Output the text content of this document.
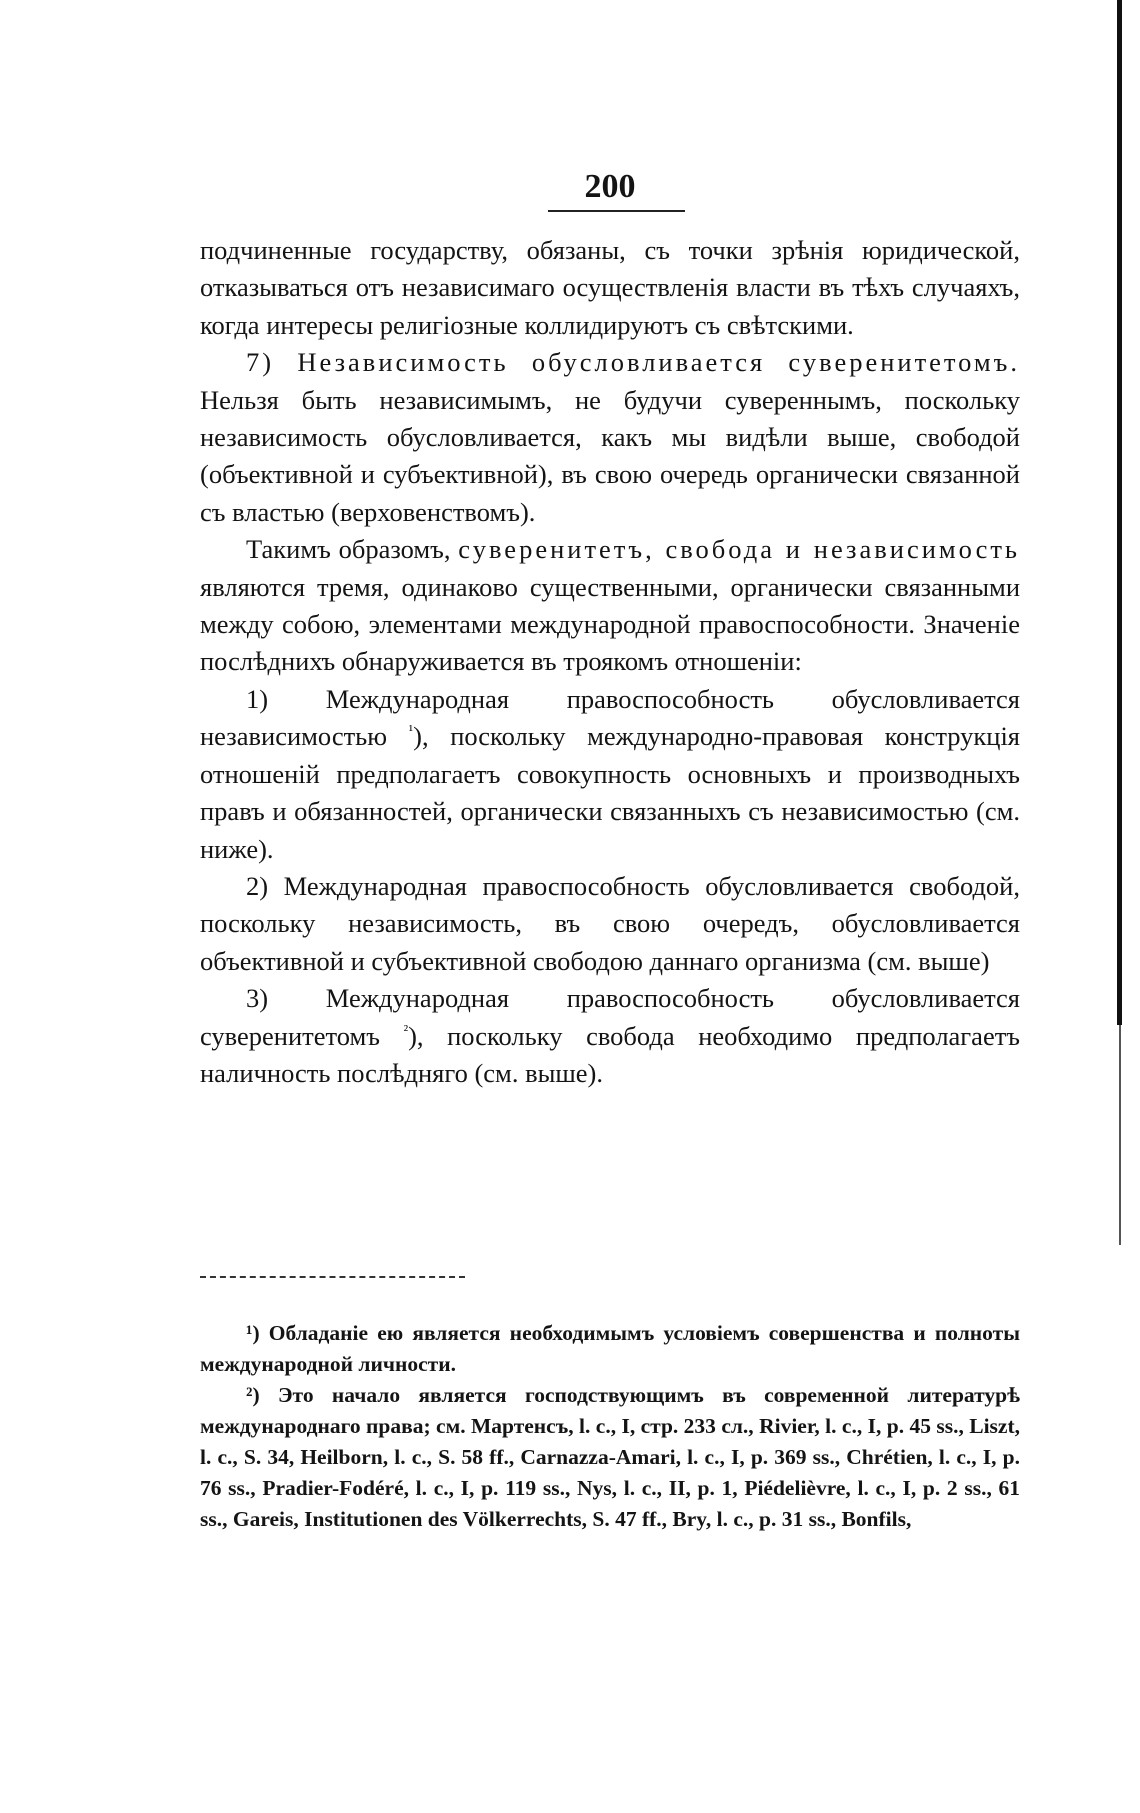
200

подчиненные государству, обязаны, съ точки зрѣнія юридической, отказываться отъ независимаго осуществленія власти въ тѣхъ случаяхъ, когда интересы религіозные коллидируютъ съ свѣтскими.

7) Независимость обусловливается суверенитетомъ. Нельзя быть независимымъ, не будучи сувереннымъ, поскольку независимость обусловливается, какъ мы видѣли выше, свободой (объективной и субъективной), въ свою очередь органически связанной съ властью (верховенствомъ).

Такимъ образомъ, суверенитетъ, свобода и независимость являются тремя, одинаково существенными, органически связанными между собою, элементами международной правоспособности. Значеніе послѣднихъ обнаруживается въ троякомъ отношеніи:

1) Международная правоспособность обусловливается независимостью $^{^1}$), поскольку международно-правовая конструкція отношеній предполагаетъ совокупность основныхъ и производныхъ правъ и обязанностей, органически связанныхъ съ независимостью (см. ниже).

2) Международная правоспособность обусловливается свободой, поскольку независимость, въ свою очередъ, обусловливается объективной и субъективной свободою даннаго организма (см. выше)

3) Международная правоспособность обусловливается суверенитетомъ $^{^2}$), поскольку свобода необходимо предполагаетъ наличность послѣдняго (см. выше).

¹) Обладаніе ею является необходимымъ условіемъ совершенства и полноты международной личности.

²) Это начало является господствующимъ въ современной литературѣ международнаго права; см. Мартенсъ, l. c., I, стр. 233 сл., Rivier, l. c., I, p. 45 ss., Liszt, l. c., S. 34, Heilborn, l. c., S. 58 ff., Carnazza-Amari, l. c., I, p. 369 ss., Chrétien, l. c., I, p. 76 ss., Pradier-Fodéré, l. c., I, p. 119 ss., Nys, l. c., II, p. 1, Piédelièvre, l. c., I, p. 2 ss., 61 ss., Gareis, Institutionen des Völkerrechts, S. 47 ff., Bry, l. c., p. 31 ss., Bonfils,
